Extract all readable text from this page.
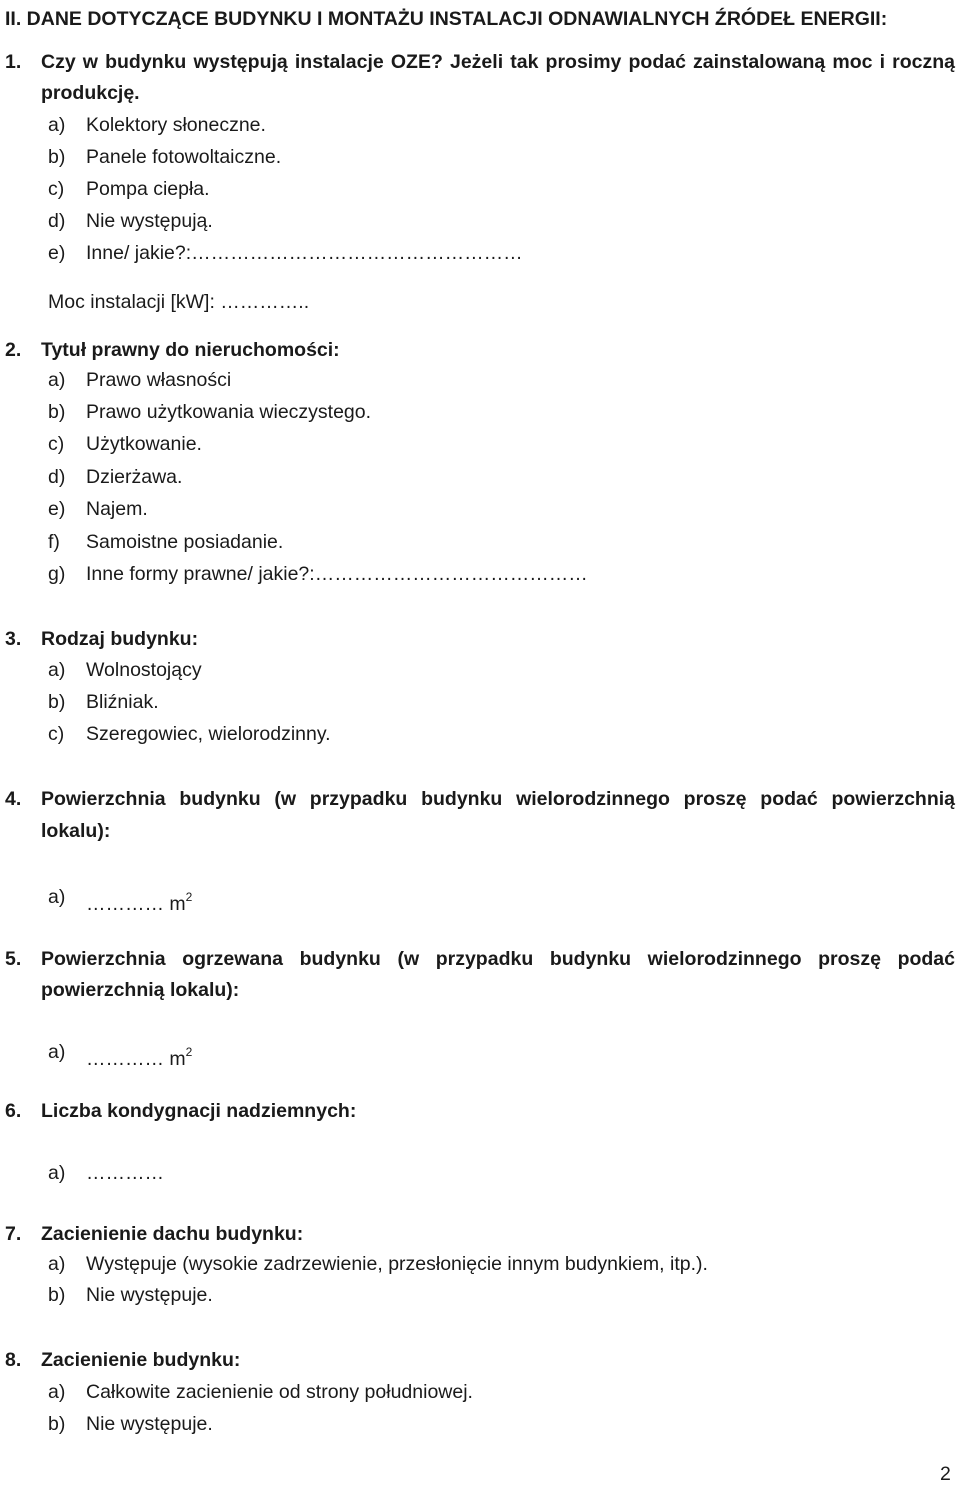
II. DANE DOTYCZĄCE BUDYNKU I MONTAŻU INSTALACJI ODNAWIALNYCH ŹRÓDEŁ ENERGII:
1. Czy w budynku występują instalacje OZE? Jeżeli tak prosimy podać zainstalowaną moc i roczną
produkcję.
a) Kolektory słoneczne.
b) Panele fotowoltaiczne.
c) Pompa ciepła.
d) Nie występują.
e) Inne/ jakie?:……………………………………………
Moc instalacji [kW]: …………..
2. Tytuł prawny do nieruchomości:
a) Prawo własności
b) Prawo użytkowania wieczystego.
c) Użytkowanie.
d) Dzierżawa.
e) Najem.
f) Samoistne posiadanie.
g) Inne formy prawne/ jakie?:……………………………………
3. Rodzaj budynku:
a) Wolnostojący
b) Bliźniak.
c) Szeregowiec, wielorodzinny.
4. Powierzchnia budynku (w przypadku budynku wielorodzinnego proszę podać powierzchnią
lokalu):
a) ………… $m^2$
5. Powierzchnia ogrzewana budynku (w przypadku budynku wielorodzinnego proszę podać
powierzchnią lokalu):
a) ………… $m^2$
6. Liczba kondygnacji nadziemnych:
a) …………
7. Zacienienie dachu budynku:
a) Występuje (wysokie zadrzewienie, przesłonięcie innym budynkiem, itp.).
b) Nie występuje.
8. Zacienienie budynku:
a) Całkowite zacienienie od strony południowej.
b) Nie występuje.
2
